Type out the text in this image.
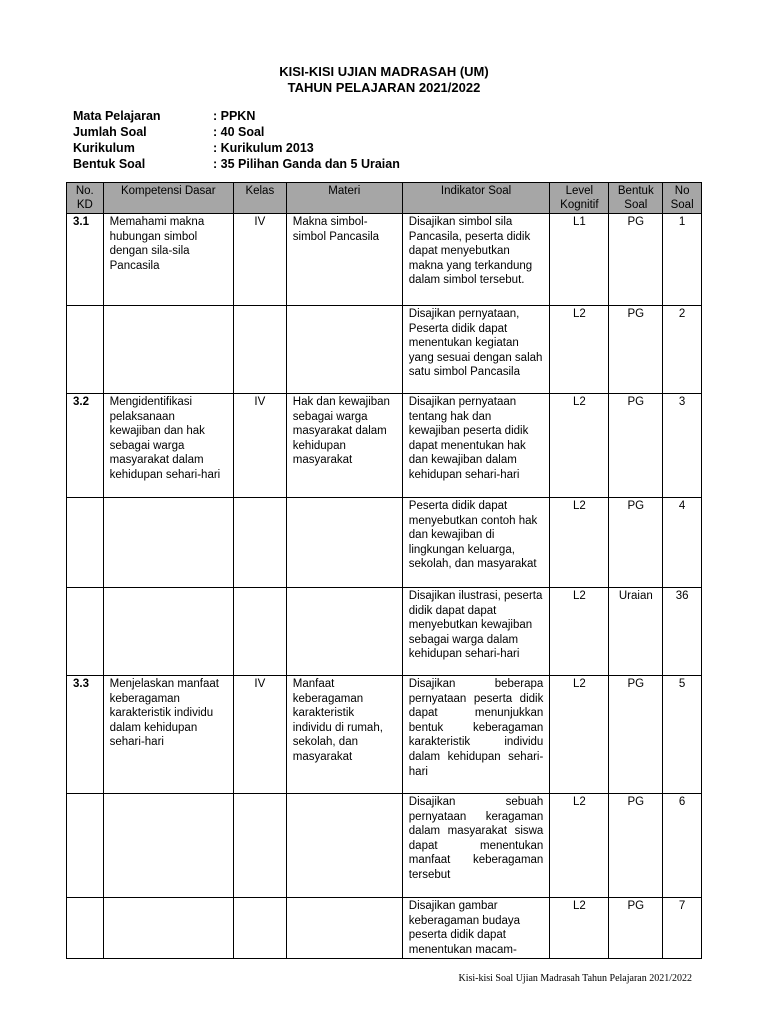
KISI-KISI UJIAN MADRASAH (UM)
TAHUN PELAJARAN 2021/2022
Mata Pelajaran	: PPKN
Jumlah Soal	: 40 Soal
Kurikulum	: Kurikulum 2013
Bentuk Soal	: 35 Pilihan Ganda dan 5 Uraian
No. KD	Kompetensi Dasar	Kelas	Materi	Indikator Soal	Level Kognitif	Bentuk Soal	No Soal
3.1	Memahami makna hubungan simbol dengan sila-sila Pancasila	IV	Makna simbol-simbol Pancasila	Disajikan simbol sila Pancasila, peserta didik dapat menyebutkan makna yang terkandung dalam simbol tersebut.	L1	PG	1
				Disajikan pernyataan, Peserta didik dapat menentukan kegiatan yang sesuai dengan salah satu simbol Pancasila	L2	PG	2
3.2	Mengidentifikasi pelaksanaan kewajiban dan hak sebagai warga masyarakat dalam kehidupan sehari-hari	IV	Hak dan kewajiban sebagai warga masyarakat dalam kehidupan masyarakat	Disajikan pernyataan tentang hak dan kewajiban peserta didik dapat menentukan hak dan kewajiban dalam kehidupan sehari-hari	L2	PG	3
				Peserta didik dapat menyebutkan contoh hak dan kewajiban di lingkungan keluarga, sekolah, dan masyarakat	L2	PG	4
				Disajikan ilustrasi, peserta didik dapat dapat menyebutkan kewajiban sebagai warga dalam kehidupan sehari-hari	L2	Uraian	36
3.3	Menjelaskan manfaat keberagaman karakteristik individu dalam kehidupan sehari-hari	IV	Manfaat keberagaman karakteristik individu di rumah, sekolah, dan masyarakat	Disajikan beberapa pernyataan peserta didik dapat menunjukkan bentuk keberagaman karakteristik individu dalam kehidupan sehari-hari	L2	PG	5
				Disajikan sebuah pernyataan keragaman dalam masyarakat siswa dapat menentukan manfaat keberagaman tersebut	L2	PG	6
				Disajikan gambar keberagaman budaya peserta didik dapat menentukan macam-	L2	PG	7
Kisi-kisi Soal Ujian Madrasah Tahun Pelajaran 2021/2022
